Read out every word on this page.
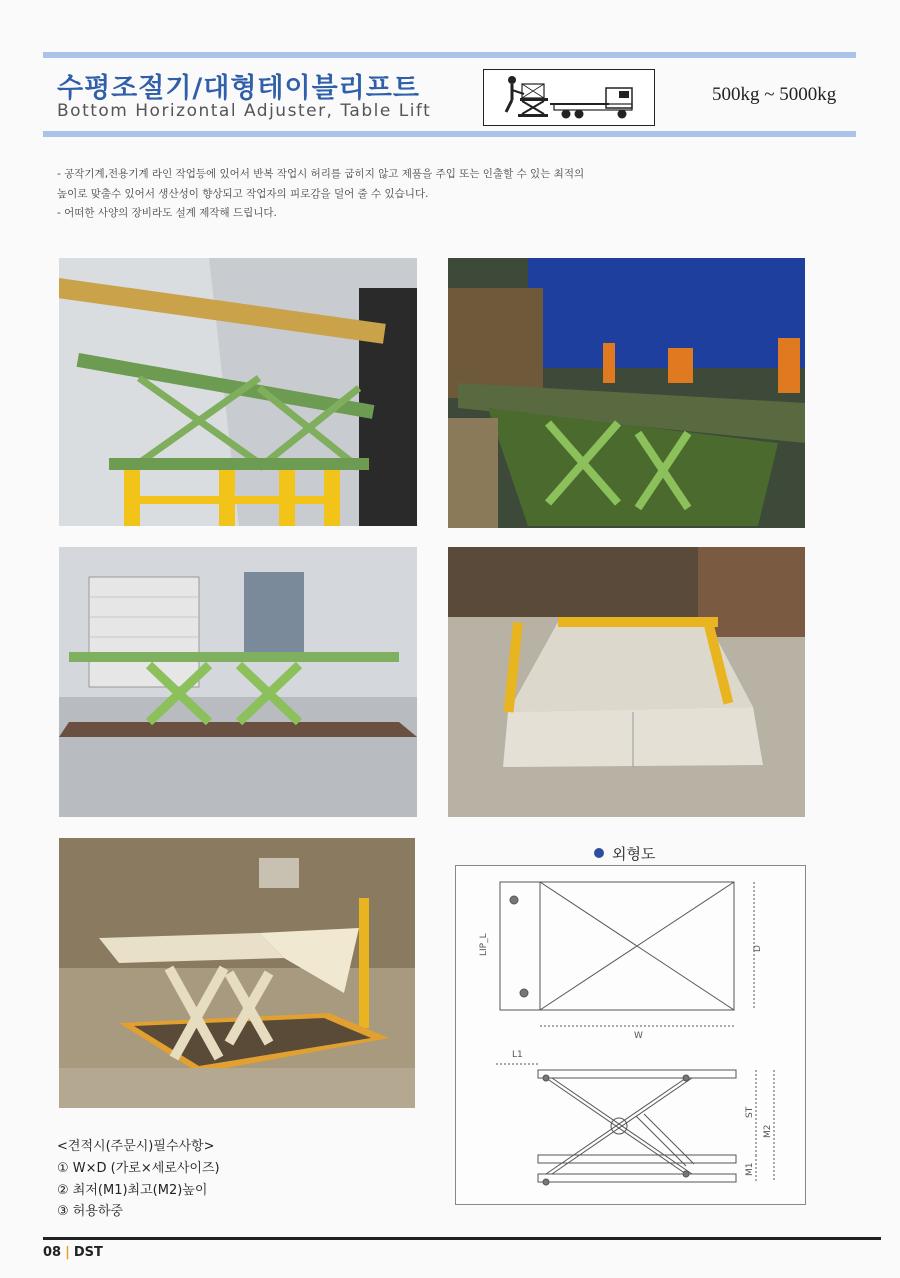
수평조절기/대형테이블리프트
Bottom Horizontal Adjuster, Table Lift
500kg ~ 5000kg
- 공작기계,전용기계 라인 작업등에 있어서 반복 작업시 허리를 굽히지 않고 제품을 주입 또는 인출할 수 있는 최적의
높이로 맞출수 있어서 생산성이 향상되고 작업자의 피로감을 덜어 줄 수 있습니다.
- 어떠한 사양의 장비라도 설계 제작해 드립니다.
외형도
LIP_L	D
W
L1
ST
M2
M1
<견적시(주문시)필수사항>
① W×D (가로×세로사이즈)
② 최저(M1)최고(M2)높이
③ 허용하중
08 | DST
